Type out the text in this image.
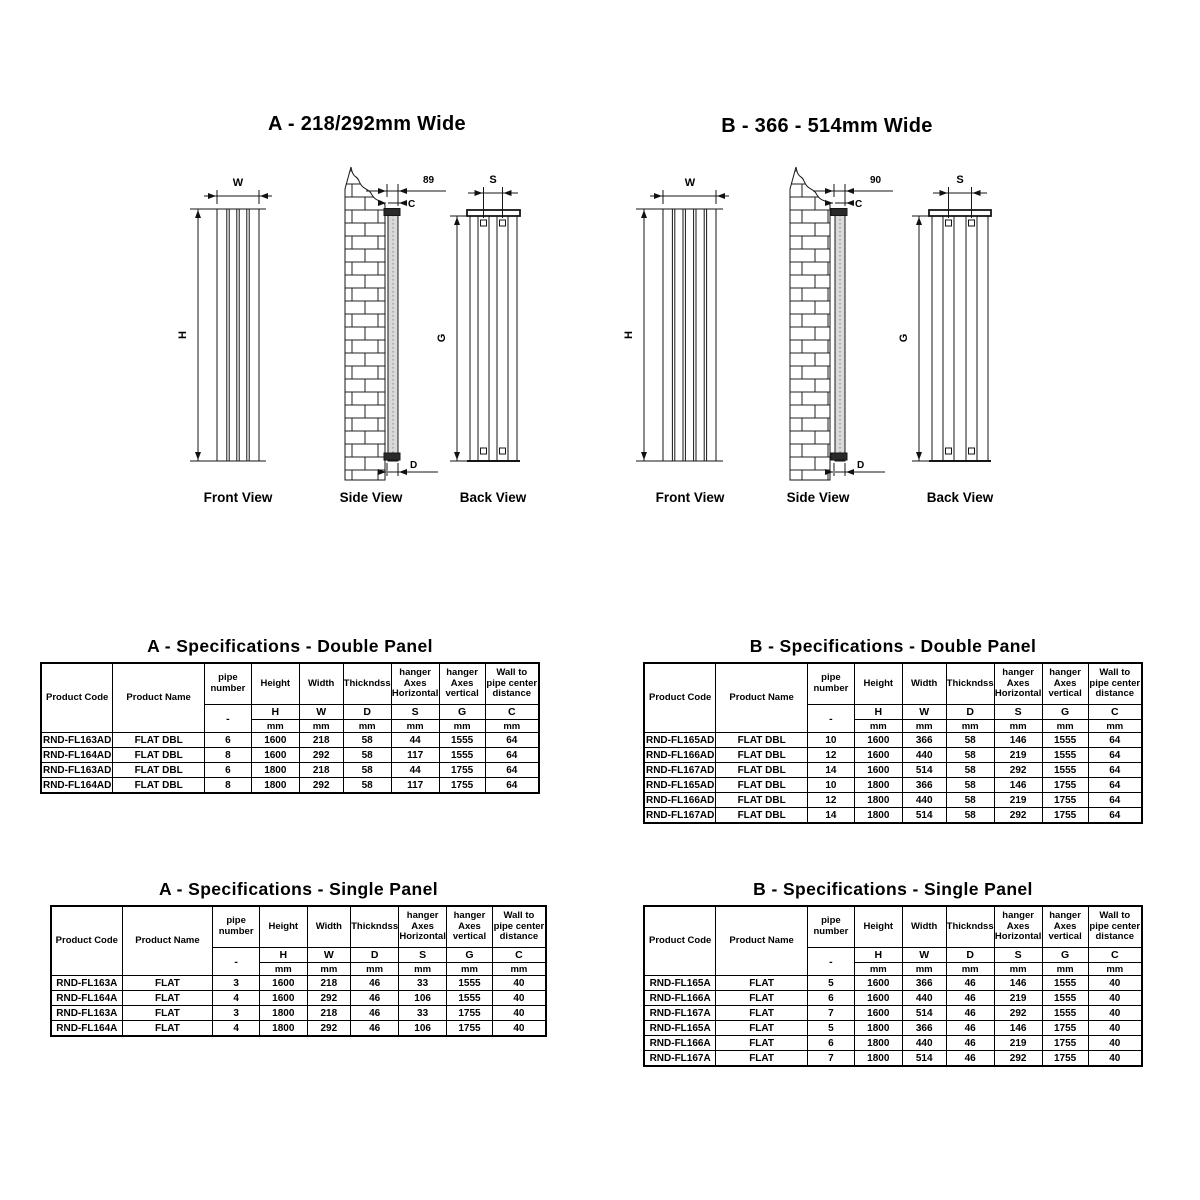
A - 218/292mm Wide	B - 366 - 514mm Wide
W
H
89
C
D
S
G
Front View	Side View	Back View
W
H
90
C
D
S
G
Front View	Side View	Back View
A - Specifications - Double Panel
Product Code	Product Name	pipe number	Height	Width	Thickndss	hanger Axes Horizontal	hanger Axes vertical	Wall to pipe center distance
		-	H	W	D	S	G	C
			mm	mm	mm	mm	mm	mm
RND-FL163AD	FLAT DBL	6	1600	218	58	44	1555	64
RND-FL164AD	FLAT DBL	8	1600	292	58	117	1555	64
RND-FL163AD	FLAT DBL	6	1800	218	58	44	1755	64
RND-FL164AD	FLAT DBL	8	1800	292	58	117	1755	64
B - Specifications - Double Panel
Product Code	Product Name	pipe number	Height	Width	Thickndss	hanger Axes Horizontal	hanger Axes vertical	Wall to pipe center distance
		-	H	W	D	S	G	C
			mm	mm	mm	mm	mm	mm
RND-FL165AD	FLAT DBL	10	1600	366	58	146	1555	64
RND-FL166AD	FLAT DBL	12	1600	440	58	219	1555	64
RND-FL167AD	FLAT DBL	14	1600	514	58	292	1555	64
RND-FL165AD	FLAT DBL	10	1800	366	58	146	1755	64
RND-FL166AD	FLAT DBL	12	1800	440	58	219	1755	64
RND-FL167AD	FLAT DBL	14	1800	514	58	292	1755	64
A - Specifications - Single Panel
Product Code	Product Name	pipe number	Height	Width	Thickndss	hanger Axes Horizontal	hanger Axes vertical	Wall to pipe center distance
		-	H	W	D	S	G	C
			mm	mm	mm	mm	mm	mm
RND-FL163A	FLAT	3	1600	218	46	33	1555	40
RND-FL164A	FLAT	4	1600	292	46	106	1555	40
RND-FL163A	FLAT	3	1800	218	46	33	1755	40
RND-FL164A	FLAT	4	1800	292	46	106	1755	40
B - Specifications - Single Panel
Product Code	Product Name	pipe number	Height	Width	Thickndss	hanger Axes Horizontal	hanger Axes vertical	Wall to pipe center distance
		-	H	W	D	S	G	C
			mm	mm	mm	mm	mm	mm
RND-FL165A	FLAT	5	1600	366	46	146	1555	40
RND-FL166A	FLAT	6	1600	440	46	219	1555	40
RND-FL167A	FLAT	7	1600	514	46	292	1555	40
RND-FL165A	FLAT	5	1800	366	46	146	1755	40
RND-FL166A	FLAT	6	1800	440	46	219	1755	40
RND-FL167A	FLAT	7	1800	514	46	292	1755	40
